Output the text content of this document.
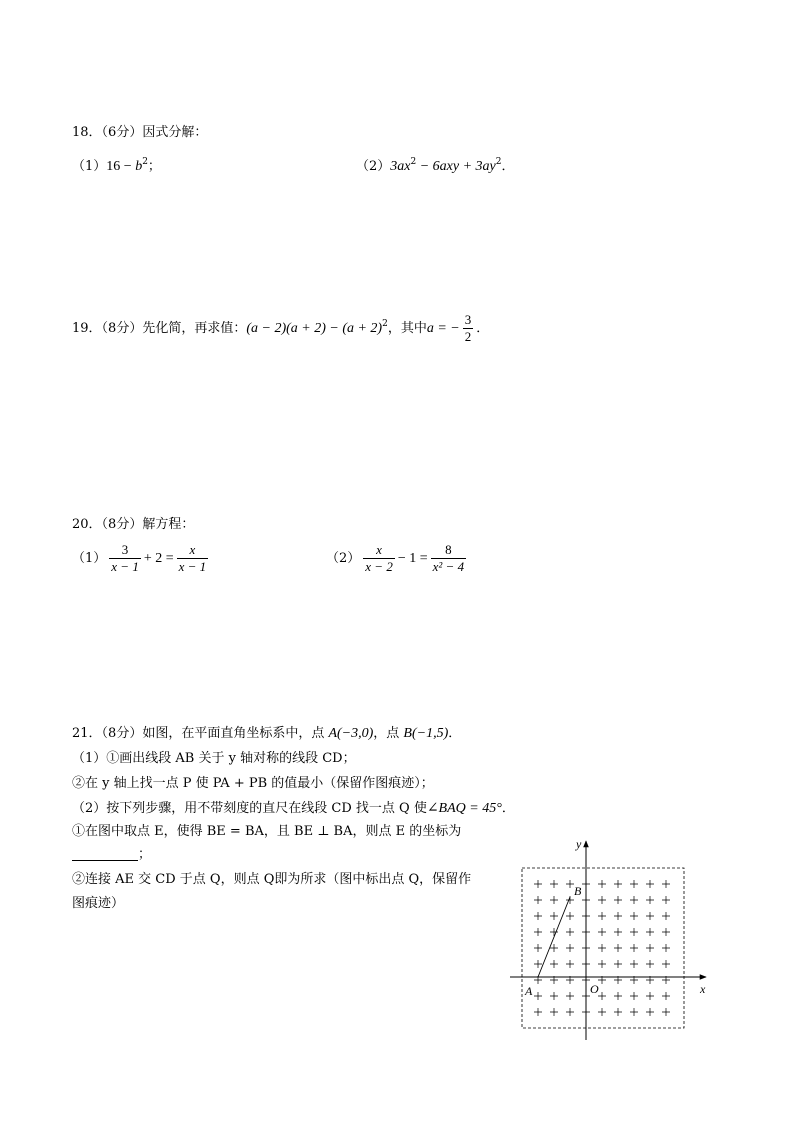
18．（6分）因式分解：
$(1)16 - b^2$；	$(2)3ax^2 - 6axy + 3ay^2$．
19．（8分）先化简，再求值：$(a - 2)(a + 2) - (a + 2)^2$，其中a = − $\frac{3}{2}$ ．
20．（8分）解方程：
$(1) \frac{3}{x - 1} + 2 = \frac{x}{x - 1}$	$(2) \frac{x}{x - 2} - 1 = \frac{8}{\text{x² − 4}}$
21．（8分）如图，在平面直角坐标系中，点 A(−3,0)，点 B(−1,5)．
（1）①画出线段 AB 关于 y 轴对称的线段 CD；
②在 y 轴上找一点 P 使 PA + PB 的值最小（保留作图痕迹）；
（2）按下列步骤，用不带刻度的直尺在线段 CD 找一点 Q 使∠BAQ = 45°．
①在图中取点 E，使得 BE = BA，且 BE ⊥ BA，则点 E 的坐标为
；
②连接 AE 交 CD 于点 Q，则点 Q即为所求（图中标出点 Q，保留作
图痕迹）
x
y
A
B
O
